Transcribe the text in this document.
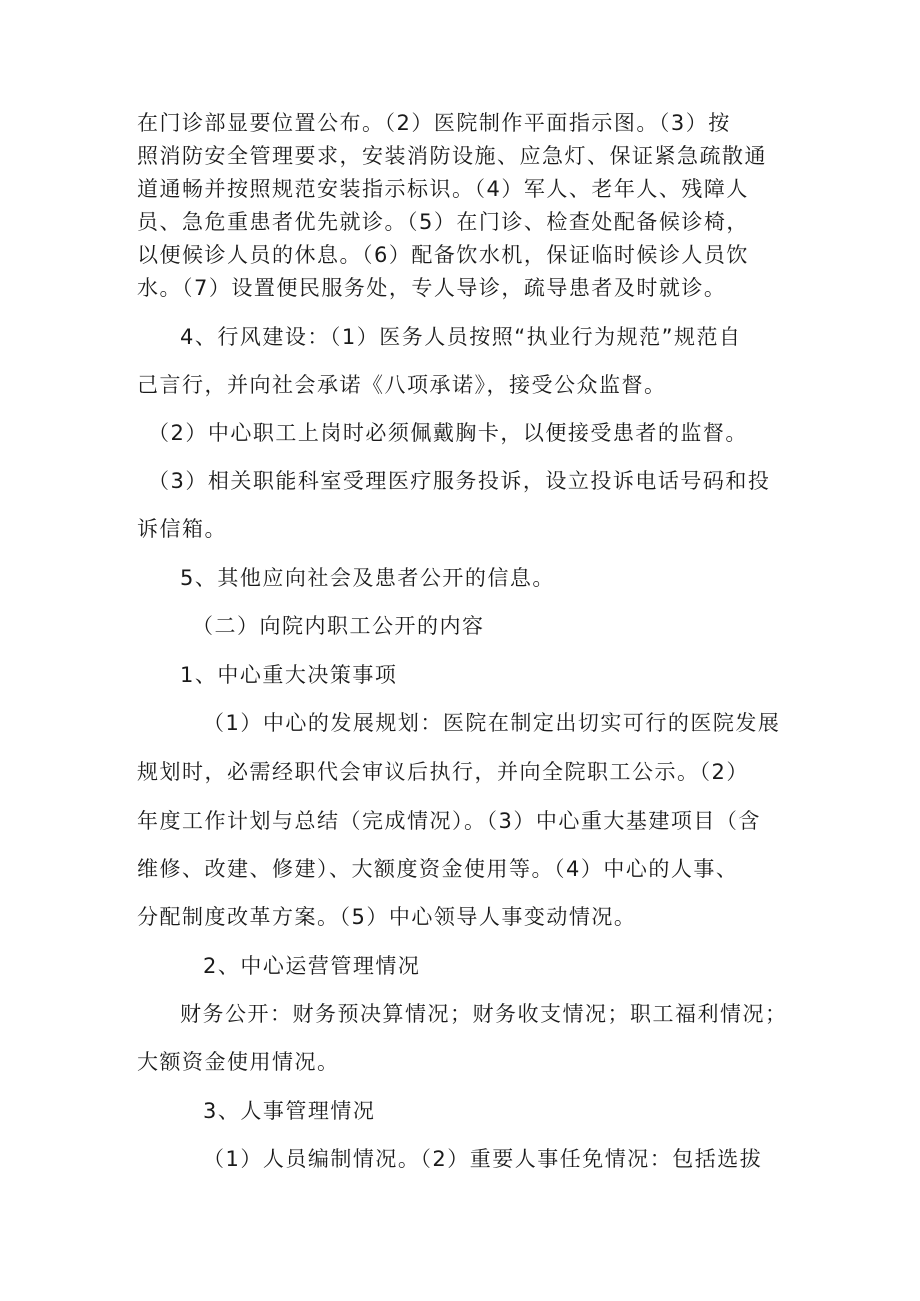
在门诊部显要位置公布。（2）医院制作平面指示图。（3）按
照消防安全管理要求，安装消防设施、应急灯、保证紧急疏散通
道通畅并按照规范安装指示标识。（4）军人、老年人、残障人
员、急危重患者优先就诊。（5）在门诊、检查处配备候诊椅，
以便候诊人员的休息。（6）配备饮水机，保证临时候诊人员饮
水。（7）设置便民服务处，专人导诊，疏导患者及时就诊。
4、行风建设：（1）医务人员按照“执业行为规范”规范自
己言行，并向社会承诺《八项承诺》，接受公众监督。
（2）中心职工上岗时必须佩戴胸卡，以便接受患者的监督。
（3）相关职能科室受理医疗服务投诉，设立投诉电话号码和投
诉信箱。
5、其他应向社会及患者公开的信息。
（二）向院内职工公开的内容
1、中心重大决策事项
（1）中心的发展规划：医院在制定出切实可行的医院发展
规划时，必需经职代会审议后执行，并向全院职工公示。（2）
年度工作计划与总结（完成情况）。（3）中心重大基建项目（含
维修、改建、修建）、大额度资金使用等。（4）中心的人事、
分配制度改革方案。（5）中心领导人事变动情况。
2、中心运营管理情况
财务公开：财务预决算情况；财务收支情况；职工福利情况；
大额资金使用情况。
3、人事管理情况
（1）人员编制情况。（2）重要人事任免情况：包括选拔
